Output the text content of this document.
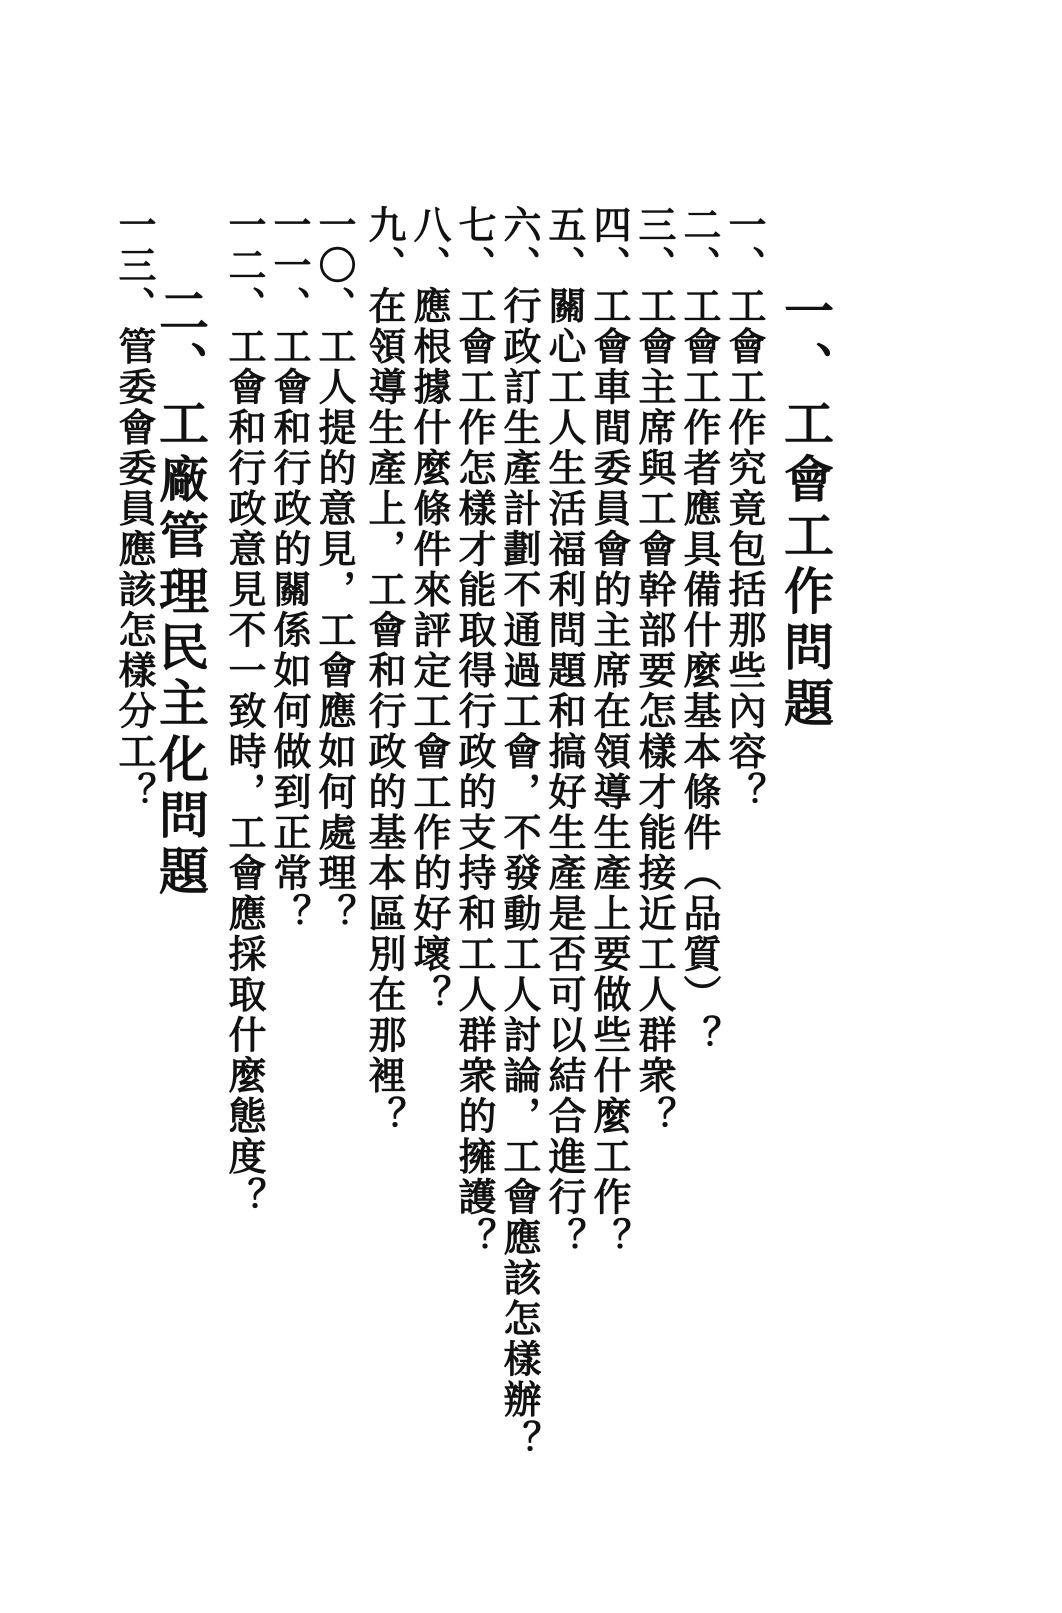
一、工會工作問題
一、工會工作究竟包括那些內容？
二、工會工作者應具備什麼基本條件（品質）？
三、工會主席與工會幹部要怎樣才能接近工人群衆？
四、工會車間委員會的主席在領導生產上要做些什麼工作？
五、關心工人生活福利問題和搞好生產是否可以結合進行？
六、行政訂生產計劃不通過工會，不發動工人討論，工會應該怎樣辦？
七、工會工作怎樣才能取得行政的支持和工人群衆的擁護？
八、應根據什麼條件來評定工會工作的好壞？
九、在領導生產上，工會和行政的基本區別在那裡？
一〇、工人提的意見，工會應如何處理？
一一、工會和行政的關係如何做到正常？
一二、工會和行政意見不一致時，工會應採取什麼態度？
二、工廠管理民主化問題
一三、管委會委員應該怎樣分工？
